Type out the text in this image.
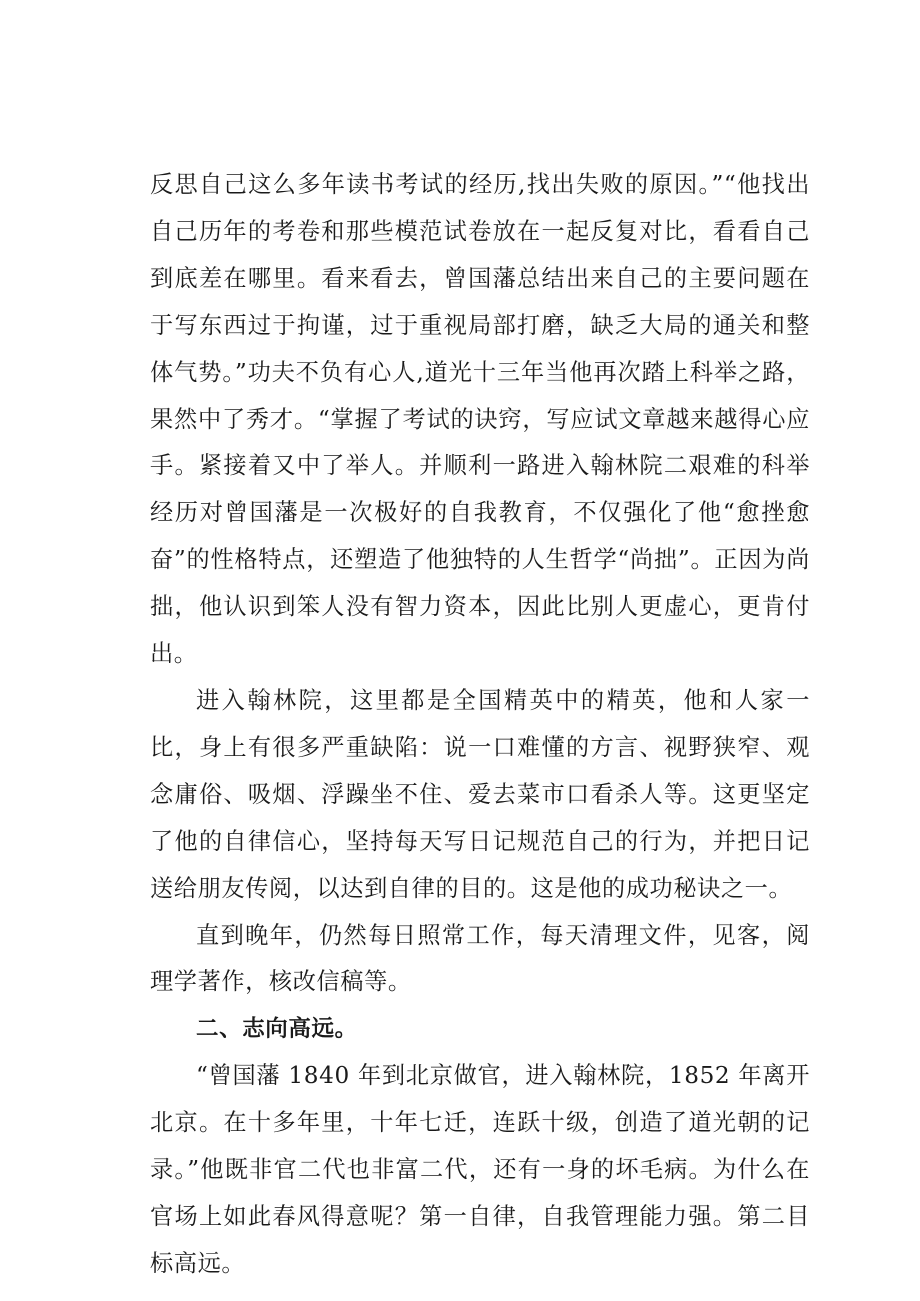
反思自己这么多年读书考试的经历,找出失败的原因。”“他找出自己历年的考卷和那些模范试卷放在一起反复对比，看看自己到底差在哪里。看来看去，曾国藩总结出来自己的主要问题在于写东西过于拘谨，过于重视局部打磨，缺乏大局的通关和整体气势。”功夫不负有心人,道光十三年当他再次踏上科举之路，果然中了秀才。“掌握了考试的诀窍，写应试文章越来越得心应手。紧接着又中了举人。并顺利一路进入翰林院二艰难的科举经历对曾国藩是一次极好的自我教育，不仅强化了他“愈挫愈奋”的性格特点，还塑造了他独特的人生哲学“尚拙”。正因为尚拙，他认识到笨人没有智力资本，因此比别人更虚心，更肯付出。

进入翰林院，这里都是全国精英中的精英，他和人家一比，身上有很多严重缺陷：说一口难懂的方言、视野狭窄、观念庸俗、吸烟、浮躁坐不住、爱去菜市口看杀人等。这更坚定了他的自律信心，坚持每天写日记规范自己的行为，并把日记送给朋友传阅，以达到自律的目的。这是他的成功秘诀之一。

直到晚年，仍然每日照常工作，每天清理文件，见客，阅理学著作，核改信稿等。

二、志向高远。

“曾国藩 1840 年到北京做官，进入翰林院，1852 年离开北京。在十多年里，十年七迁，连跃十级，创造了道光朝的记录。”他既非官二代也非富二代，还有一身的坏毛病。为什么在官场上如此春风得意呢？第一自律，自我管理能力强。第二目标高远。
